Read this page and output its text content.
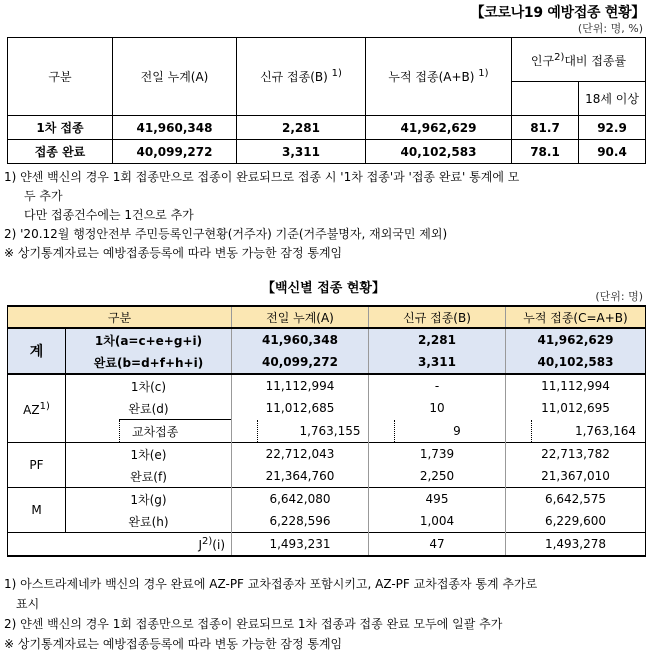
【코로나19 예방접종 현황】
(단위: 명, %)
구분	전일 누계(A)	신규 접종(B) $^{1)}$	누적 접종(A+B) $^{1)}$	인구$^{2)}$대비 접종률	
					18세 이상
1차 접종	41,960,348	2,281	41,962,629	81.7	92.9
접종 완료	40,099,272	3,311	40,102,583	78.1	90.4
1) 얀센 백신의 경우 1회 접종만으로 접종이 완료되므로 접종 시 '1차 접종'과 '접종 완료' 통계에 모
두 추가
다만 접종건수에는 1건으로 추가
2) '20.12월 행정안전부 주민등록인구현황(거주자) 기준(거주불명자, 재외국민 제외)
※ 상기통계자료는 예방접종등록에 따라 변동 가능한 잠정 통계임
【백신별 접종 현황】
(단위: 명)
구분			전일 누계(A)	신규 접종(B)	누적 접종(C=A+B)
계	1차(a=c+e+g+i)		41,960,348	2,281	41,962,629
	완료(b=d+f+h+i)		40,099,272	3,311	40,102,583
AZ$^{1)}$	1차(c)		11,112,994	-	11,112,994
	완료(d)		11,012,685	10	11,012,695
		교차접종	1,763,155	9	1,763,164
PF	1차(e)		22,712,043	1,739	22,713,782
	완료(f)		21,364,760	2,250	21,367,010
M	1차(g)		6,642,080	495	6,642,575
	완료(h)		6,228,596	1,004	6,229,600
$J^{2)}(i)$			1,493,231	47	1,493,278
1) 아스트라제네카 백신의 경우 완료에 AZ-PF 교차접종자 포함시키고, AZ-PF 교차접종자 통계 추가로
표시
2) 얀센 백신의 경우 1회 접종만으로 접종이 완료되므로 1차 접종과 접종 완료 모두에 일괄 추가
※ 상기통계자료는 예방접종등록에 따라 변동 가능한 잠정 통계임
